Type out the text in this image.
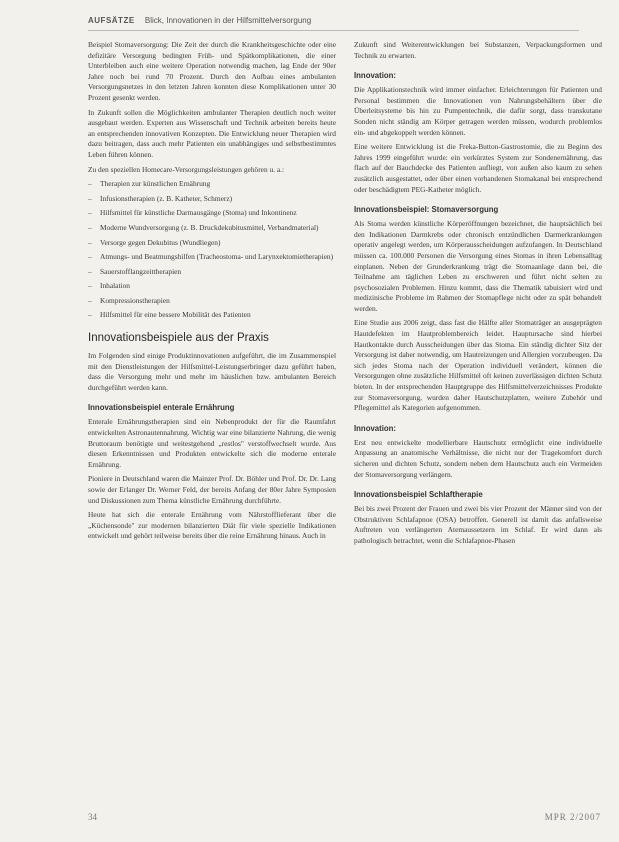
AUFSÄTZE Blick, Innovationen in der Hilfsmittelversorgung

Beispiel Stomaversorgung: Die Zeit der durch die Krankheitsgeschichte oder eine defizitäre Versorgung bedingten Früh- und Spätkomplikationen, die einer Unterbleiben auch eine weitere Operation notwendig machen, lag Ende der 90er Jahre noch bei rund 70 Prozent. Durch den Aufbau eines ambulanten Versorgungsnetzes in den letzten Jahren konnten diese Komplikationen unter 30 Prozent gesenkt werden.

In Zukunft sollen die Möglichkeiten ambulanter Therapien deutlich noch weiter ausgebaut werden. Experten aus Wissenschaft und Technik arbeiten bereits heute an entsprechenden innovativen Konzepten. Die Entwicklung neuer Therapien wird dazu beitragen, dass auch mehr Patienten ein unabhängiges und selbstbestimmtes Leben führen können.

Zu den speziellen Homecare-Versorgungsleistungen gehören u. a.:

– Therapien zur künstlichen Ernährung
– Infusionstherapien (z. B. Katheter, Schmerz)
– Hilfsmittel für künstliche Darmausgänge (Stoma) und Inkontinenz
– Moderne Wundversorgung (z. B. Druckdekubitusmittel, Verbandmaterial)
– Versorge gegen Dekubitus (Wundliegen)
– Atmungs- und Beatmungshilfen (Tracheostoma- und Larynxektomietherapien)
– Sauerstofflangzeittherapien
– Inhalation
– Kompressionstherapien
– Hilfsmittel für eine bessere Mobilität des Patienten
Innovationsbeispiele aus der Praxis

Im Folgenden sind einige Produktinnovationen aufgeführt, die im Zusammenspiel mit den Dienstleistungen der Hilfsmittel-Leistungserbringer dazu geführt haben, dass die Versorgung mehr und mehr im häuslichen bzw. ambulanten Bereich durchgeführt werden kann.

Innovationsbeispiel enterale Ernährung

Enterale Ernährungstherapien sind ein Nebenprodukt der für die Raumfahrt entwickelten Astronautennahrung. Wichtig war eine bilanzierte Nahrung, die wenig Bruttoraum benötigte und weitestgehend „restlos" verstoffwechselt wurde. Aus diesen Erkenntnissen und Produkten entwickelte sich die moderne enterale Ernährung.

Pioniere in Deutschland waren die Mainzer Prof. Dr. Böhler und Prof. Dr. Dr. Lang sowie der Erlanger Dr. Werner Feld, der bereits Anfang der 80er Jahre Symposien und Diskussionen zum Thema künstliche Ernährung durchführte.

Heute hat sich die enterale Ernährung vom Nährstofflieferant über die „Küchensonde" zur modernen bilanzierten Diät für viele spezielle Indikationen entwickelt und gehört teilweise bereits über die reine Ernährung hinaus. Auch in

Zukunft sind Weiterentwicklungen bei Substanzen, Verpackungsformen und Technik zu erwarten.

Innovation:

Die Applikationstechnik wird immer einfacher. Erleichterungen für Patienten und Personal bestimmen die Innovationen von Nahrungsbehältern über die Überleitsysteme bis hin zu Pumpentechnik, die dafür sorgt, dass transkutane Sonden nicht ständig am Körper getragen werden müssen, wodurch problemlos ein- und abgekoppelt werden können.

Eine weitere Entwicklung ist die Freka-Button-Gastrostomie, die zu Beginn des Jahres 1999 eingeführt wurde: ein verkürztes System zur Sondenernährung, das flach auf der Bauchdecke des Patienten aufliegt, von außen also kaum zu sehen zusätzlich ausgestattet, oder über einen vorhandenen Stomakanal bei entsprechend oder beschädigtem PEG-Katheter möglich.

Innovationsbeispiel: Stomaversorgung

Als Stoma werden künstliche Körperöffnungen bezeichnet, die hauptsächlich bei den Indikationen Darmkrebs oder chronisch entzündlichen Darmerkrankungen operativ angelegt werden, um Körperausscheidungen aufzufangen. In Deutschland müssen ca. 100.000 Personen die Versorgung eines Stomas in ihren Lebensalltag einplanen. Neben der Grunderkrankung trägt die Stomaanlage dann bei, die Teilnahme am täglichen Leben zu erschweren und führt nicht selten zu psychosozialen Problemen. Hinzu kommt, dass die Thematik tabuisiert wird und medizinische Probleme im Rahmen der Stomapflege nicht oder zu spät behandelt werden.

Eine Studie aus 2006 zeigt, dass fast die Hälfte aller Stomaträger an ausgeprägten Hautdefekten im Hautproblembereich leidet. Hauptursache sind hierbei Hautkontakte durch Ausscheidungen über das Stoma. Ein ständig dichter Sitz der Versorgung ist daher notwendig, um Hautreizungen und Allergien vorzubeugen. Da sich jedes Stoma nach der Operation individuell verändert, können die Versorgungen ohne zusätzliche Hilfsmittel oft keinen zuverlässigen dichten Schutz bieten. In der entsprechenden Hauptgruppe des Hilfsmittelverzeichnisses Produkte zur Stomaversorgung, wurden daher Hautschutzplatten, weitere Zubehör und Pflegemittel als Kategorien aufgenommen.

Innovation:

Erst neu entwickelte modellierbare Hautschutz ermöglicht eine individuelle Anpassung an anatomische Verhältnisse, die nicht nur der Tragekomfort durch sicheren und dichten Schutz, sondern neben dem Hautschutz auch ein Vermeiden der Stomaversorgung verlängern.

Innovationsbeispiel Schlaftherapie

Bei bis zwei Prozent der Frauen und zwei bis vier Prozent der Männer sind von der Obstruktiven Schlafapnoe (OSA) betroffen. Generell ist damit das anfallsweise Auftreten von verlängerten Atemaussetzern im Schlaf. Er wird dann als pathologisch betrachtet, wenn die Schlafapnoe-Phasen

34	MPR 2/2007
